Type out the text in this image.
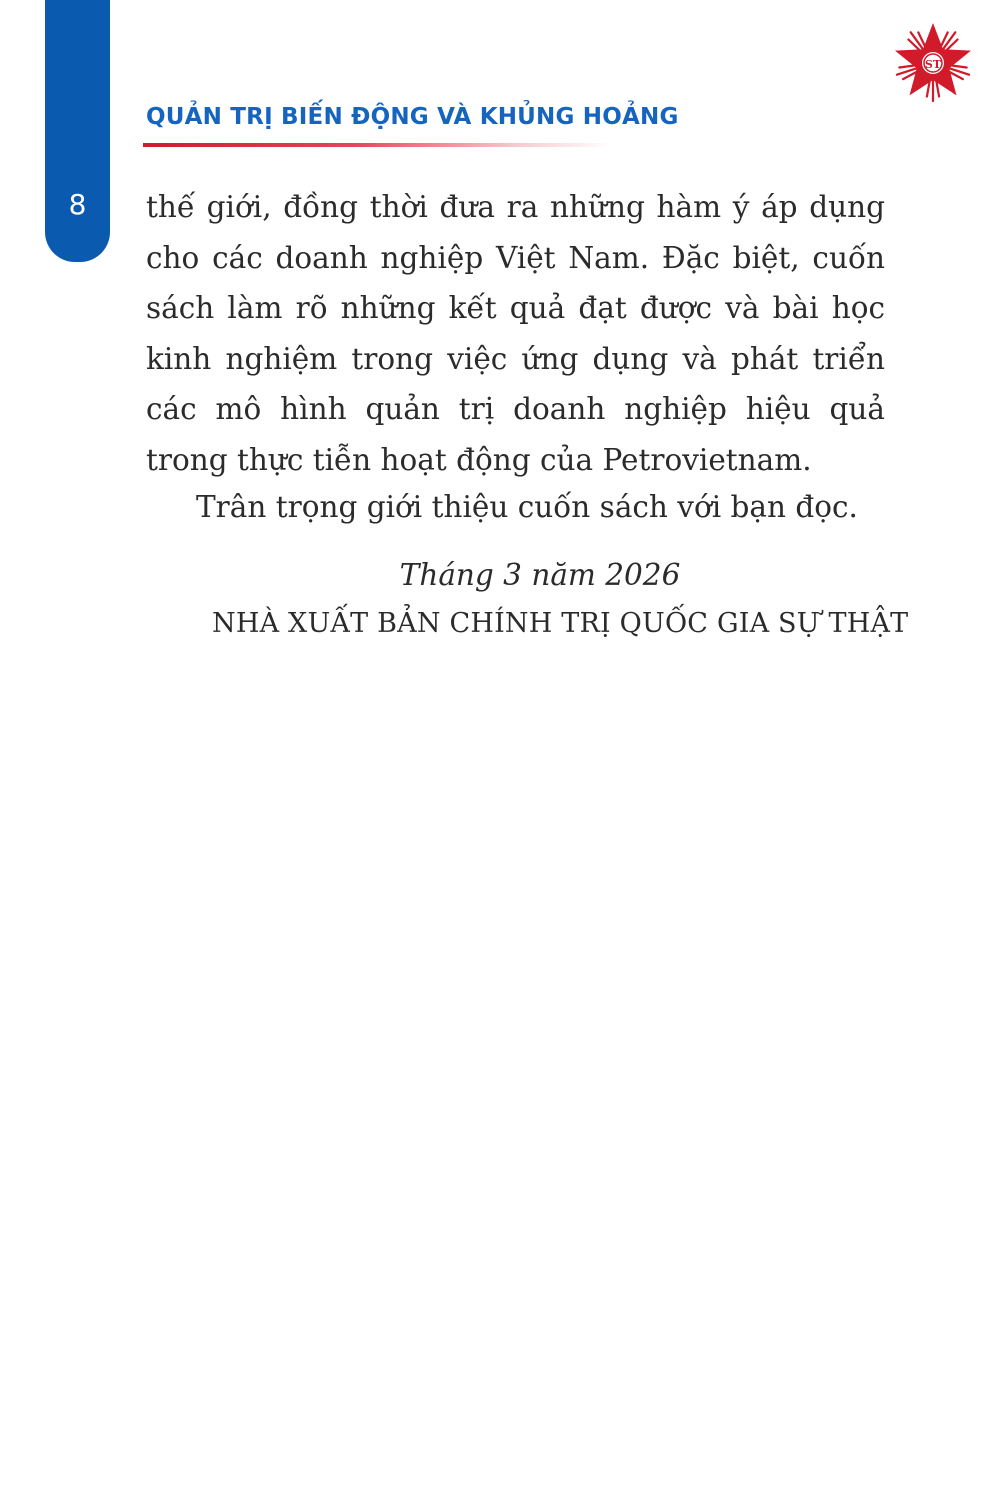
8
QUẢN TRỊ BIẾN ĐỘNG VÀ KHỦNG HOẢNG
ST

thế giới, đồng thời đưa ra những hàm ý áp dụng cho các doanh nghiệp Việt Nam. Đặc biệt, cuốn sách làm rõ những kết quả đạt được và bài học kinh nghiệm trong việc ứng dụng và phát triển các mô hình quản trị doanh nghiệp hiệu quả trong thực tiễn hoạt động của Petrovietnam.

Trân trọng giới thiệu cuốn sách với bạn đọc.

Tháng 3 năm 2026
NHÀ XUẤT BẢN CHÍNH TRỊ QUỐC GIA SỰ THẬT
